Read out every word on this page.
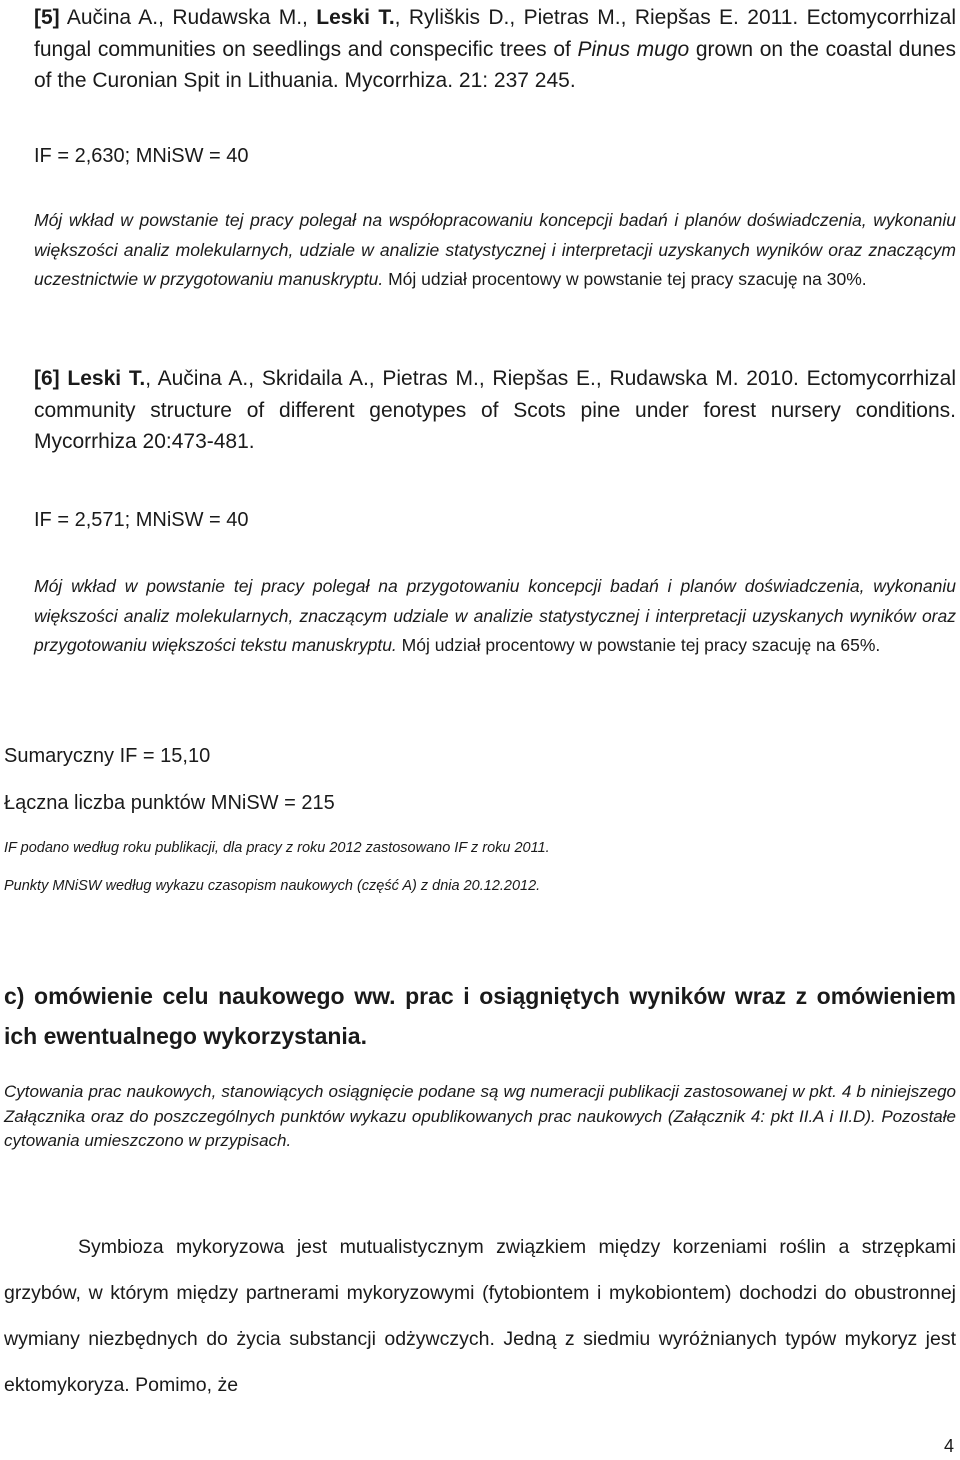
[5] Aučina A., Rudawska M., Leski T., Ryliškis D., Pietras M., Riepšas E. 2011. Ectomycorrhizal fungal communities on seedlings and conspecific trees of Pinus mugo grown on the coastal dunes of the Curonian Spit in Lithuania. Mycorrhiza. 21: 237 245.

IF = 2,630; MNiSW = 40

Mój wkład w powstanie tej pracy polegał na współopracowaniu koncepcji badań i planów doświadczenia, wykonaniu większości analiz molekularnych, udziale w analizie statystycznej i interpretacji uzyskanych wyników oraz znaczącym uczestnictwie w przygotowaniu manuskryptu. Mój udział procentowy w powstanie tej pracy szacuję na 30%.

[6] Leski T., Aučina A., Skridaila A., Pietras M., Riepšas E., Rudawska M. 2010. Ectomycorrhizal community structure of different genotypes of Scots pine under forest nursery conditions. Mycorrhiza 20:473-481.

IF = 2,571; MNiSW = 40

Mój wkład w powstanie tej pracy polegał na przygotowaniu koncepcji badań i planów doświadczenia, wykonaniu większości analiz molekularnych, znaczącym udziale w analizie statystycznej i interpretacji uzyskanych wyników oraz przygotowaniu większości tekstu manuskryptu. Mój udział procentowy w powstanie tej pracy szacuję na 65%.

Sumaryczny IF = 15,10

Łączna liczba punktów MNiSW = 215

IF podano według roku publikacji, dla pracy z roku 2012 zastosowano IF z roku 2011.

Punkty MNiSW według wykazu czasopism naukowych (część A) z dnia 20.12.2012.

c) omówienie celu naukowego ww. prac i osiągniętych wyników wraz z omówieniem ich ewentualnego wykorzystania.

Cytowania prac naukowych, stanowiących osiągnięcie podane są wg numeracji publikacji zastosowanej w pkt. 4 b niniejszego Załącznika oraz do poszczególnych punktów wykazu opublikowanych prac naukowych (Załącznik 4: pkt II.A i II.D). Pozostałe cytowania umieszczono w przypisach.

Symbioza mykoryzowa jest mutualistycznym związkiem między korzeniami roślin a strzępkami grzybów, w którym między partnerami mykoryzowymi (fytobiontem i mykobiontem) dochodzi do obustronnej wymiany niezbędnych do życia substancji odżywczych. Jedną z siedmiu wyróżnianych typów mykoryz jest ektomykoryza. Pomimo, że

4
